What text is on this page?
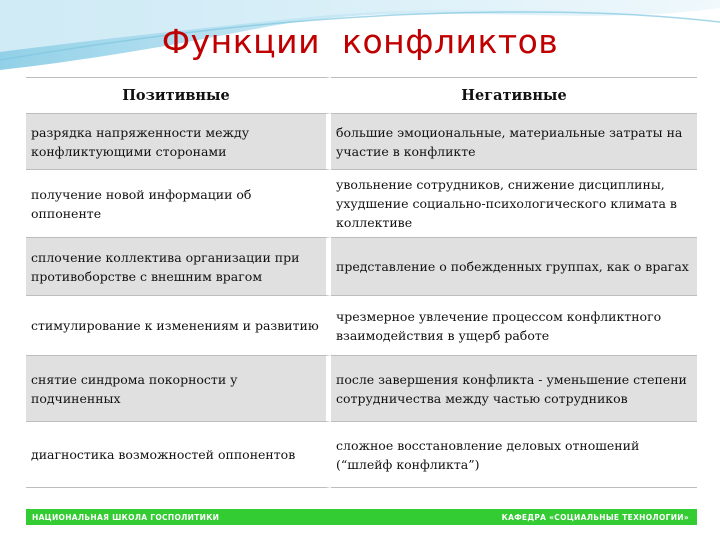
Функции  конфликтов
Позитивные	Негативные
разрядка напряженности между конфликтующими сторонами	большие эмоциональные, материальные затраты на участие в конфликте
получение новой информации об оппоненте	увольнение сотрудников, снижение дисциплины, ухудшение социально-психологического климата в коллективе
сплочение коллектива организации при противоборстве с внешним врагом	представление о побежденных группах, как о врагах
стимулирование к изменениям и развитию	чрезмерное увлечение процессом конфликтного взаимодействия в ущерб работе
снятие синдрома покорности у подчиненных	после завершения конфликта - уменьшение степени сотрудничества между частью сотрудников
диагностика возможностей оппонентов	сложное восстановление деловых отношений (“шлейф конфликта”)
НАЦИОНАЛЬНАЯ ШКОЛА ГОСПОЛИТИКИ	КАФЕДРА «СОЦИАЛЬНЫЕ ТЕХНОЛОГИИ»
